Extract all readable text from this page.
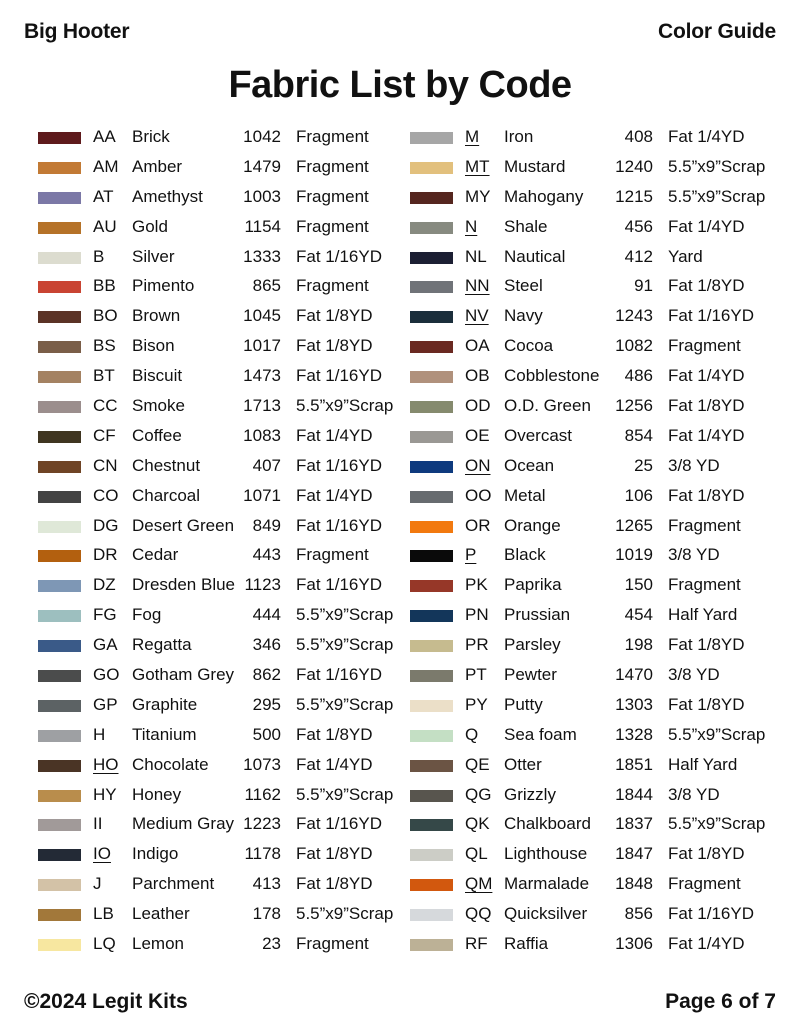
Big Hooter	Color Guide
Fabric List by Code
AA Brick	1042 Fragment
AM Amber	1479 Fragment
AT Amethyst	1003 Fragment
AU Gold	1154 Fragment
B Silver	1333 Fat 1/16YD
BB Pimento	865 Fragment
BO Brown	1045 Fat 1/8YD
BS Bison	1017 Fat 1/8YD
BT Biscuit	1473 Fat 1/16YD
CC Smoke	1713 5.5”x9”Scrap
CF Coffee	1083 Fat 1/4YD
CN Chestnut	407 Fat 1/16YD
CO Charcoal	1071 Fat 1/4YD
DG Desert Green	849 Fat 1/16YD
DR Cedar	443 Fragment
DZ Dresden Blue 1123 Fat 1/16YD
FG Fog	444 5.5”x9”Scrap
GA Regatta	346 5.5”x9”Scrap
GO Gotham Grey	862 Fat 1/16YD
GP Graphite	295 5.5”x9”Scrap
H Titanium	500 Fat 1/8YD
HO Chocolate	1073 Fat 1/4YD
HY Honey	1162 5.5”x9”Scrap
II Medium Gray 1223 Fat 1/16YD
IO Indigo	1178 Fat 1/8YD
J Parchment	413 Fat 1/8YD
LB Leather	178 5.5”x9”Scrap
LQ Lemon	23 Fragment
M Iron	408 Fat 1/4YD
MT Mustard	1240 5.5”x9”Scrap
MY Mahogany	1215 5.5”x9”Scrap
N Shale	456 Fat 1/4YD
NL Nautical	412 Yard
NN Steel	91 Fat 1/8YD
NV Navy	1243 Fat 1/16YD
OA Cocoa	1082 Fragment
OB Cobblestone	486 Fat 1/4YD
OD O.D. Green	1256 Fat 1/8YD
OE Overcast	854 Fat 1/4YD
ON Ocean	25 3/8 YD
OO Metal	106 Fat 1/8YD
OR Orange	1265 Fragment
P Black	1019 3/8 YD
PK Paprika	150 Fragment
PN Prussian	454 Half Yard
PR Parsley	198 Fat 1/8YD
PT Pewter	1470 3/8 YD
PY Putty	1303 Fat 1/8YD
Q Sea foam	1328 5.5”x9”Scrap
QE Otter	1851 Half Yard
QG Grizzly	1844 3/8 YD
QK Chalkboard	1837 5.5”x9”Scrap
QL Lighthouse	1847 Fat 1/8YD
QM Marmalade	1848 Fragment
QQ Quicksilver	856 Fat 1/16YD
RF Raffia	1306 Fat 1/4YD
©2024 Legit Kits	Page 6 of 7
